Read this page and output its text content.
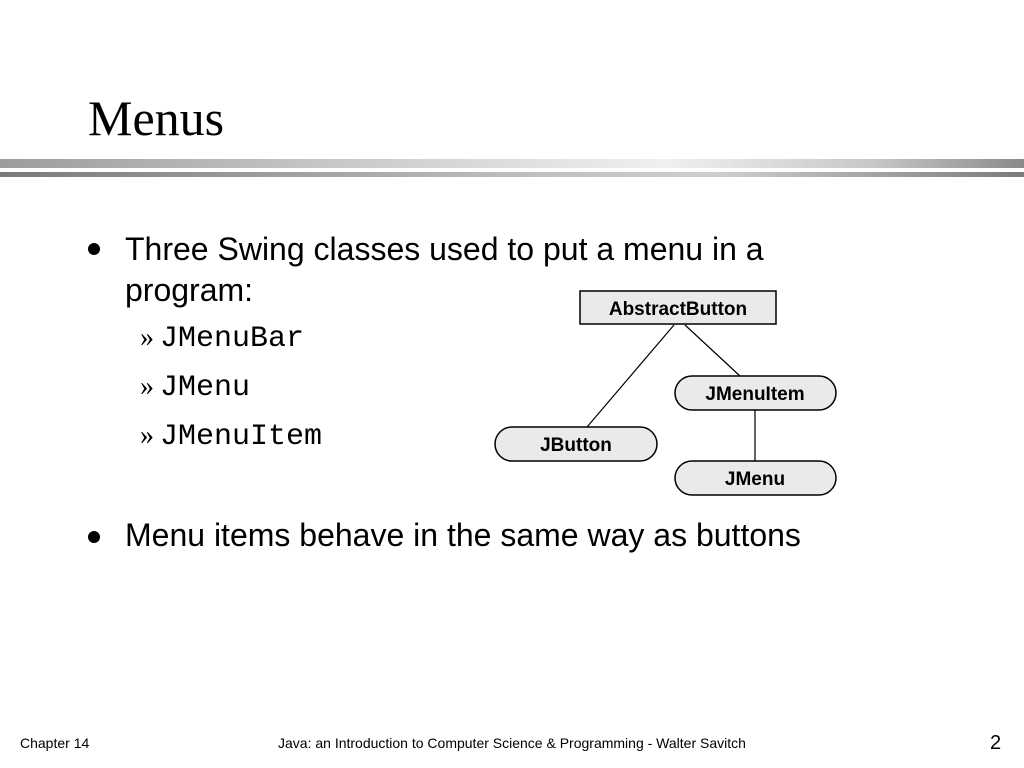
Menus
Three Swing classes used to put a menu in a program:
» JMenuBar
» JMenu
» JMenuItem
Menu items behave in the same way as buttons
AbstractButton
JMenuItem
JButton
JMenu
Chapter 14	Java: an Introduction to Computer Science & Programming - Walter Savitch	2
